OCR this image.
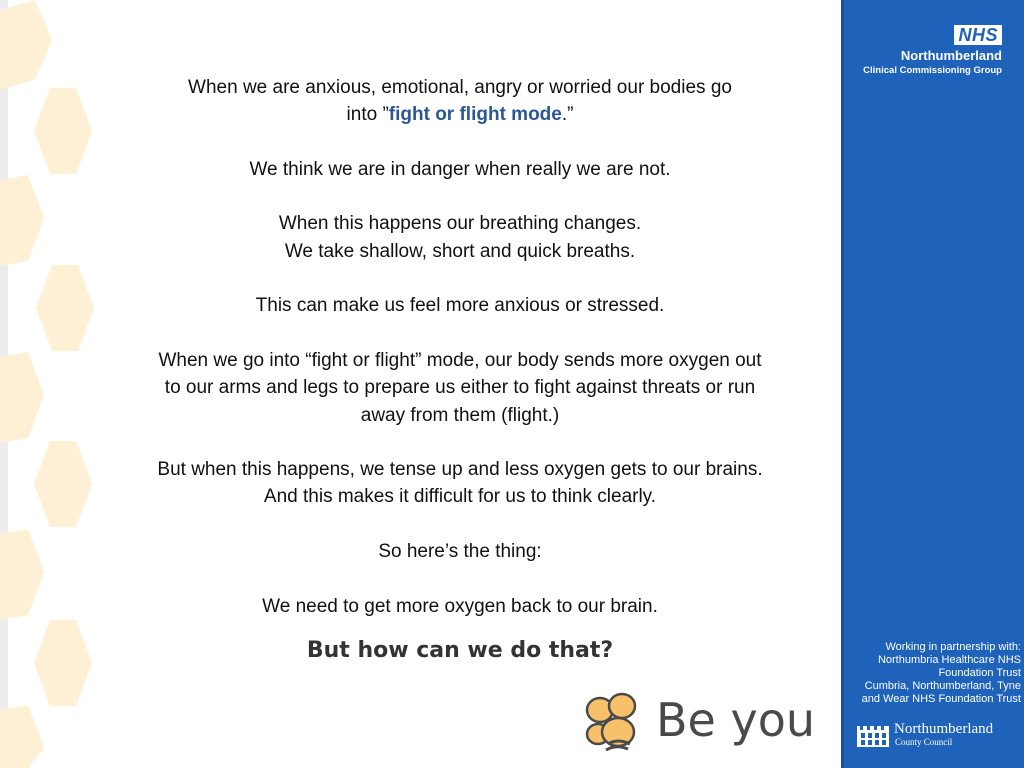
When we are anxious, emotional, angry or worried our bodies go
into ”fight or flight mode.”
We think we are in danger when really we are not.
When this happens our breathing changes.
We take shallow, short and quick breaths.
This can make us feel more anxious or stressed.
When we go into “fight or flight” mode, our body sends more oxygen out
to our arms and legs to prepare us either to fight against threats or run
away from them (flight.)
But when this happens, we tense up and less oxygen gets to our brains.
And this makes it difficult for us to think clearly.
So here’s the thing:
We need to get more oxygen back to our brain.
But how can we do that?
Be you
NHS
Northumberland
Clinical Commissioning Group
Working in partnership with:
Northumbria Healthcare NHS
Foundation Trust
Cumbria, Northumberland, Tyne
and Wear NHS Foundation Trust
Northumberland
County Council
